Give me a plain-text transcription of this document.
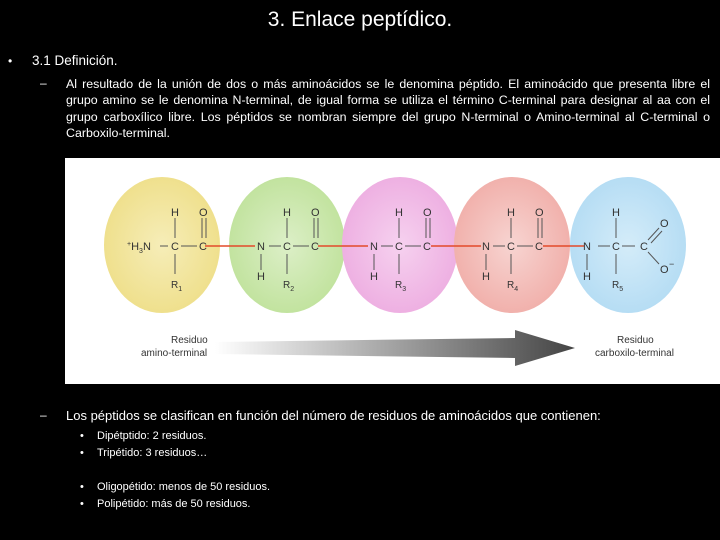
3. Enlace peptídico.
• 3.1 Definición.
– Al resultado de la unión de dos o más aminoácidos se le denomina péptido. El aminoácido que presenta libre el grupo amino se le denomina N-terminal, de igual forma se utiliza el término C-terminal para designar al aa con el grupo carboxílico libre. Los péptidos se nombran siempre del grupo N-terminal o Amino-terminal al C-terminal o Carboxilo-terminal.
$^+H_3N$
H
C
O
C	N
H
H
C
O
C	N
H
H
C
O
C	N
H
H
C
O
C	N
H
H
C C
O
O −
$R_1$	$R_2$	$R_3$	$R_4$	$R_5$
Residuo
amino-terminal
Residuo
carboxilo-terminal
– Los péptidos se clasifican en función del número de residuos de aminoácidos que contienen:
• Dipétptido: 2 residuos.
• Tripétido: 3 residuos…
• Oligopétido: menos de 50 residuos.
• Polipétido: más de 50 residuos.
